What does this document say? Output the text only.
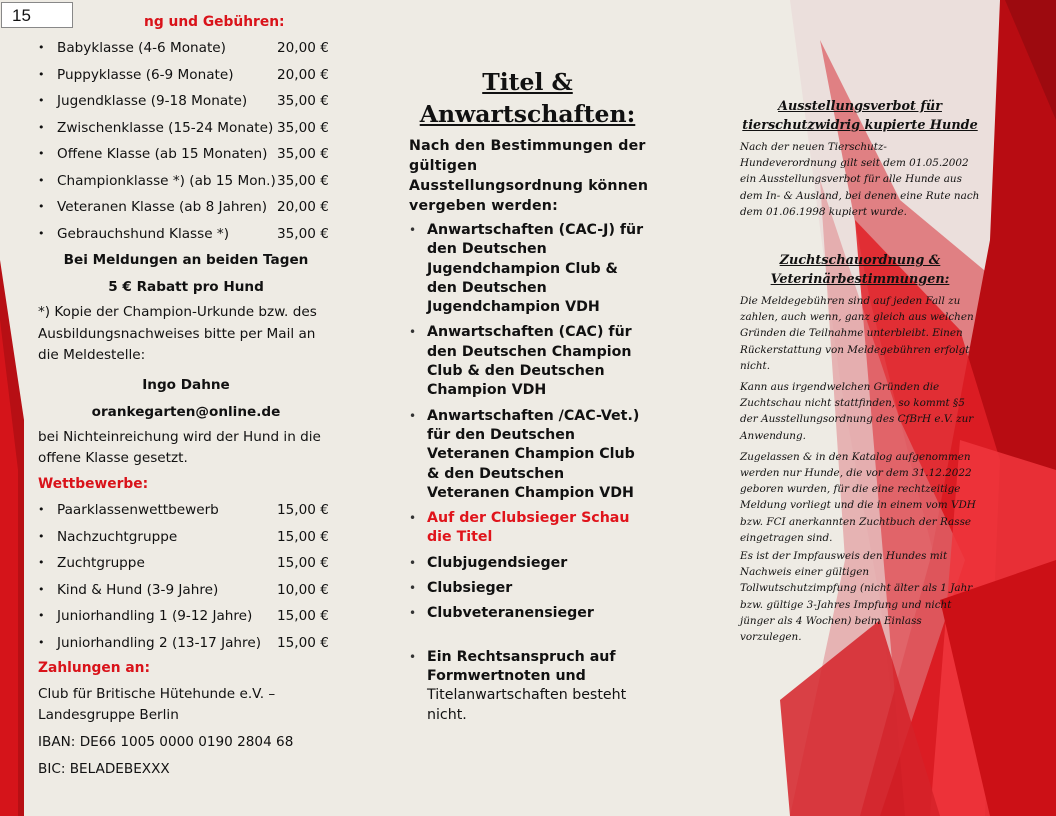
15	ng und Gebühren:
• Babyklasse (4-6 Monate)	20,00 €
• Puppyklasse (6-9 Monate)	20,00 €
• Jugendklasse (9-18 Monate) 35,00 €
• Zwischenklasse (15-24 Monate) 35,00 €
• Offene Klasse (ab 15 Monaten) 35,00 €
• Championklasse *) (ab 15 Mon.) 35,00 €
• Veteranen Klasse (ab 8 Jahren) 20,00 €
• Gebrauchshund Klasse *)	35,00 €
Bei Meldungen an beiden Tagen
5 € Rabatt pro Hund
*) Kopie der Champion-Urkunde bzw. des Ausbildungsnachweises bitte per Mail an die Meldestelle:
Ingo Dahne
orankegarten@online.de
bei Nichteinreichung wird der Hund in die offene Klasse gesetzt.
Wettbewerbe:
• Paarklassenwettbewerb	15,00 €
• Nachzuchtgruppe	15,00 €
• Zuchtgruppe	15,00 €
• Kind & Hund (3-9 Jahre)	10,00 €
• Juniorhandling 1 (9-12 Jahre) 15,00 €
• Juniorhandling 2 (13-17 Jahre) 15,00 €
Zahlungen an:
Club für Britische Hütehunde e.V. – Landesgruppe Berlin
IBAN: DE66 1005 0000 0190 2804 68
BIC: BELADEBEXXX
Titel &
Anwartschaften:
Nach den Bestimmungen der gültigen Ausstellungsordnung können vergeben werden:
• Anwartschaften (CAC-J) für den Deutschen Jugendchampion Club & den Deutschen Jugendchampion VDH
• Anwartschaften (CAC) für den Deutschen Champion Club & den Deutschen Champion VDH
• Anwartschaften /CAC-Vet.) für den Deutschen Veteranen Champion Club & den Deutschen Veteranen Champion VDH
• Auf der Clubsieger Schau die Titel
• Clubjugendsieger
• Clubsieger
• Clubveteranensieger
• Ein Rechtsanspruch auf Formwertnoten und Titelanwartschaften besteht nicht.
Ausstellungsverbot für tierschutzwidrig kupierte Hunde

Nach der neuen Tierschutz-Hundeverordnung gilt seit dem 01.05.2002 ein Ausstellungsverbot für alle Hunde aus dem In- & Ausland, bei denen eine Rute nach dem 01.06.1998 kupiert wurde.

Zuchtschauordnung & Veterinärbestimmungen:

Die Meldegebühren sind auf jeden Fall zu zahlen, auch wenn, ganz gleich aus welchen Gründen die Teilnahme unterbleibt. Einen Rückerstattung von Meldegebühren erfolgt nicht.

Kann aus irgendwelchen Gründen die Zuchtschau nicht stattfinden, so kommt §5 der Ausstellungsordnung des CfBrH e.V. zur Anwendung.

Zugelassen & in den Katalog aufgenommen werden nur Hunde, die vor dem 31.12.2022 geboren wurden, für die eine rechtzeitige Meldung vorliegt und die in einem vom VDH bzw. FCI anerkannten Zuchtbuch der Rasse eingetragen sind.

Es ist der Impfausweis den Hundes mit Nachweis einer gültigen Tollwutschutzimpfung (nicht älter als 1 Jahr bzw. gültige 3-Jahres Impfung und nicht jünger als 4 Wochen) beim Einlass vorzulegen.
